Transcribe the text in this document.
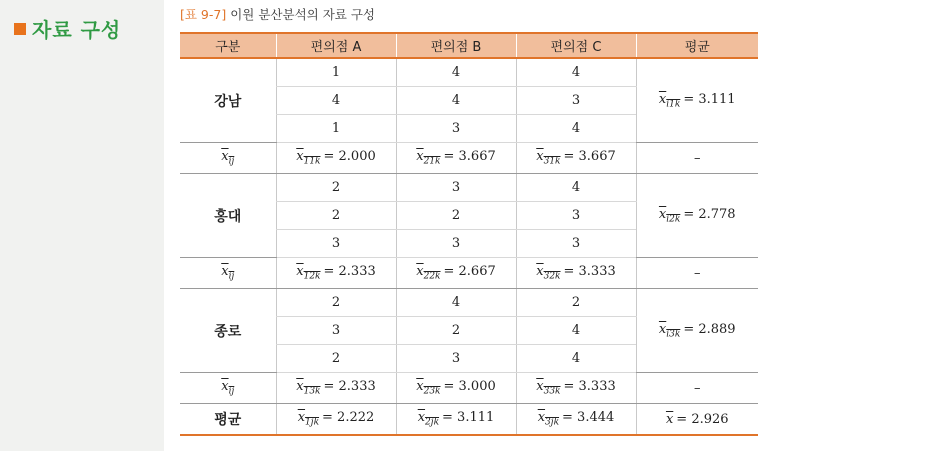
자료 구성
[표 9-7] 이원 분산분석의 자료 구성
구분	편의점 A	편의점 B	편의점 C	평균
강남	1	4	4	$x_{i1k} = 3.111$
	4	4	3	
	1	3	4	
$x_{ij}$	$x_{11k} = 2.000$	$x_{21k} = 3.667$	$x_{31k} = 3.667$	–
홍대	2	3	4	$x_{i2k} = 2.778$
	2	2	3	
	3	3	3	
$x_{ij}$	$x_{12k} = 2.333$	$x_{22k} = 2.667$	$x_{32k} = 3.333$	–
종로	2	4	2	$x_{i3k} = 2.889$
	3	2	4	
	2	3	4	
$x_{ij}$	$x_{13k} = 2.333$	$x_{23k} = 3.000$	$x_{33k} = 3.333$	–
평균	$x_{1jk} = 2.222$	$x_{2jk} = 3.111$	$x_{3jk} = 3.444$	$\overline{x} = 2.926$
